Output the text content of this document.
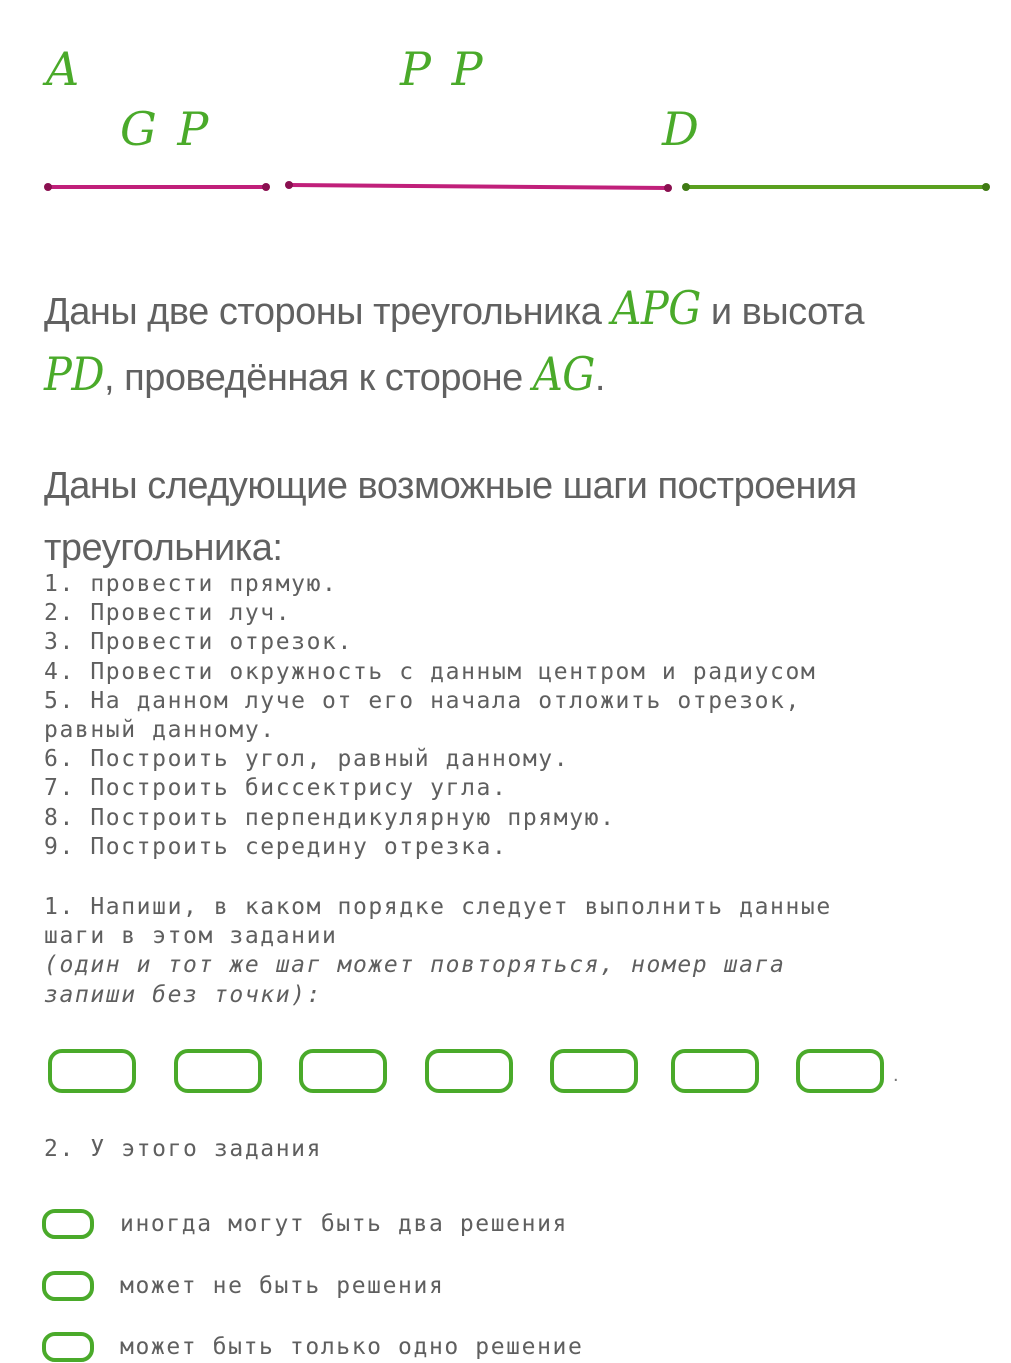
A	P P
G P	D
Даны две стороны треугольника APG и высота
PD, проведённая к стороне AG.
Даны следующие возможные шаги построения треугольника:
1. провести прямую.
2. Провести луч.
3. Провести отрезок.
4. Провести окружность с данным центром и радиусом
5. На данном луче от его начала отложить отрезок,
равный данному.
6. Построить угол, равный данному.
7. Построить биссектрису угла.
8. Построить перпендикулярную прямую.
9. Построить середину отрезка.
1. Напиши, в каком порядке следует выполнить данные
шаги в этом задании
(один и тот же шаг может повторяться, номер шага
запиши без точки):
.
2. У этого задания
иногда могут быть два решения
может не быть решения
может быть только одно решение
